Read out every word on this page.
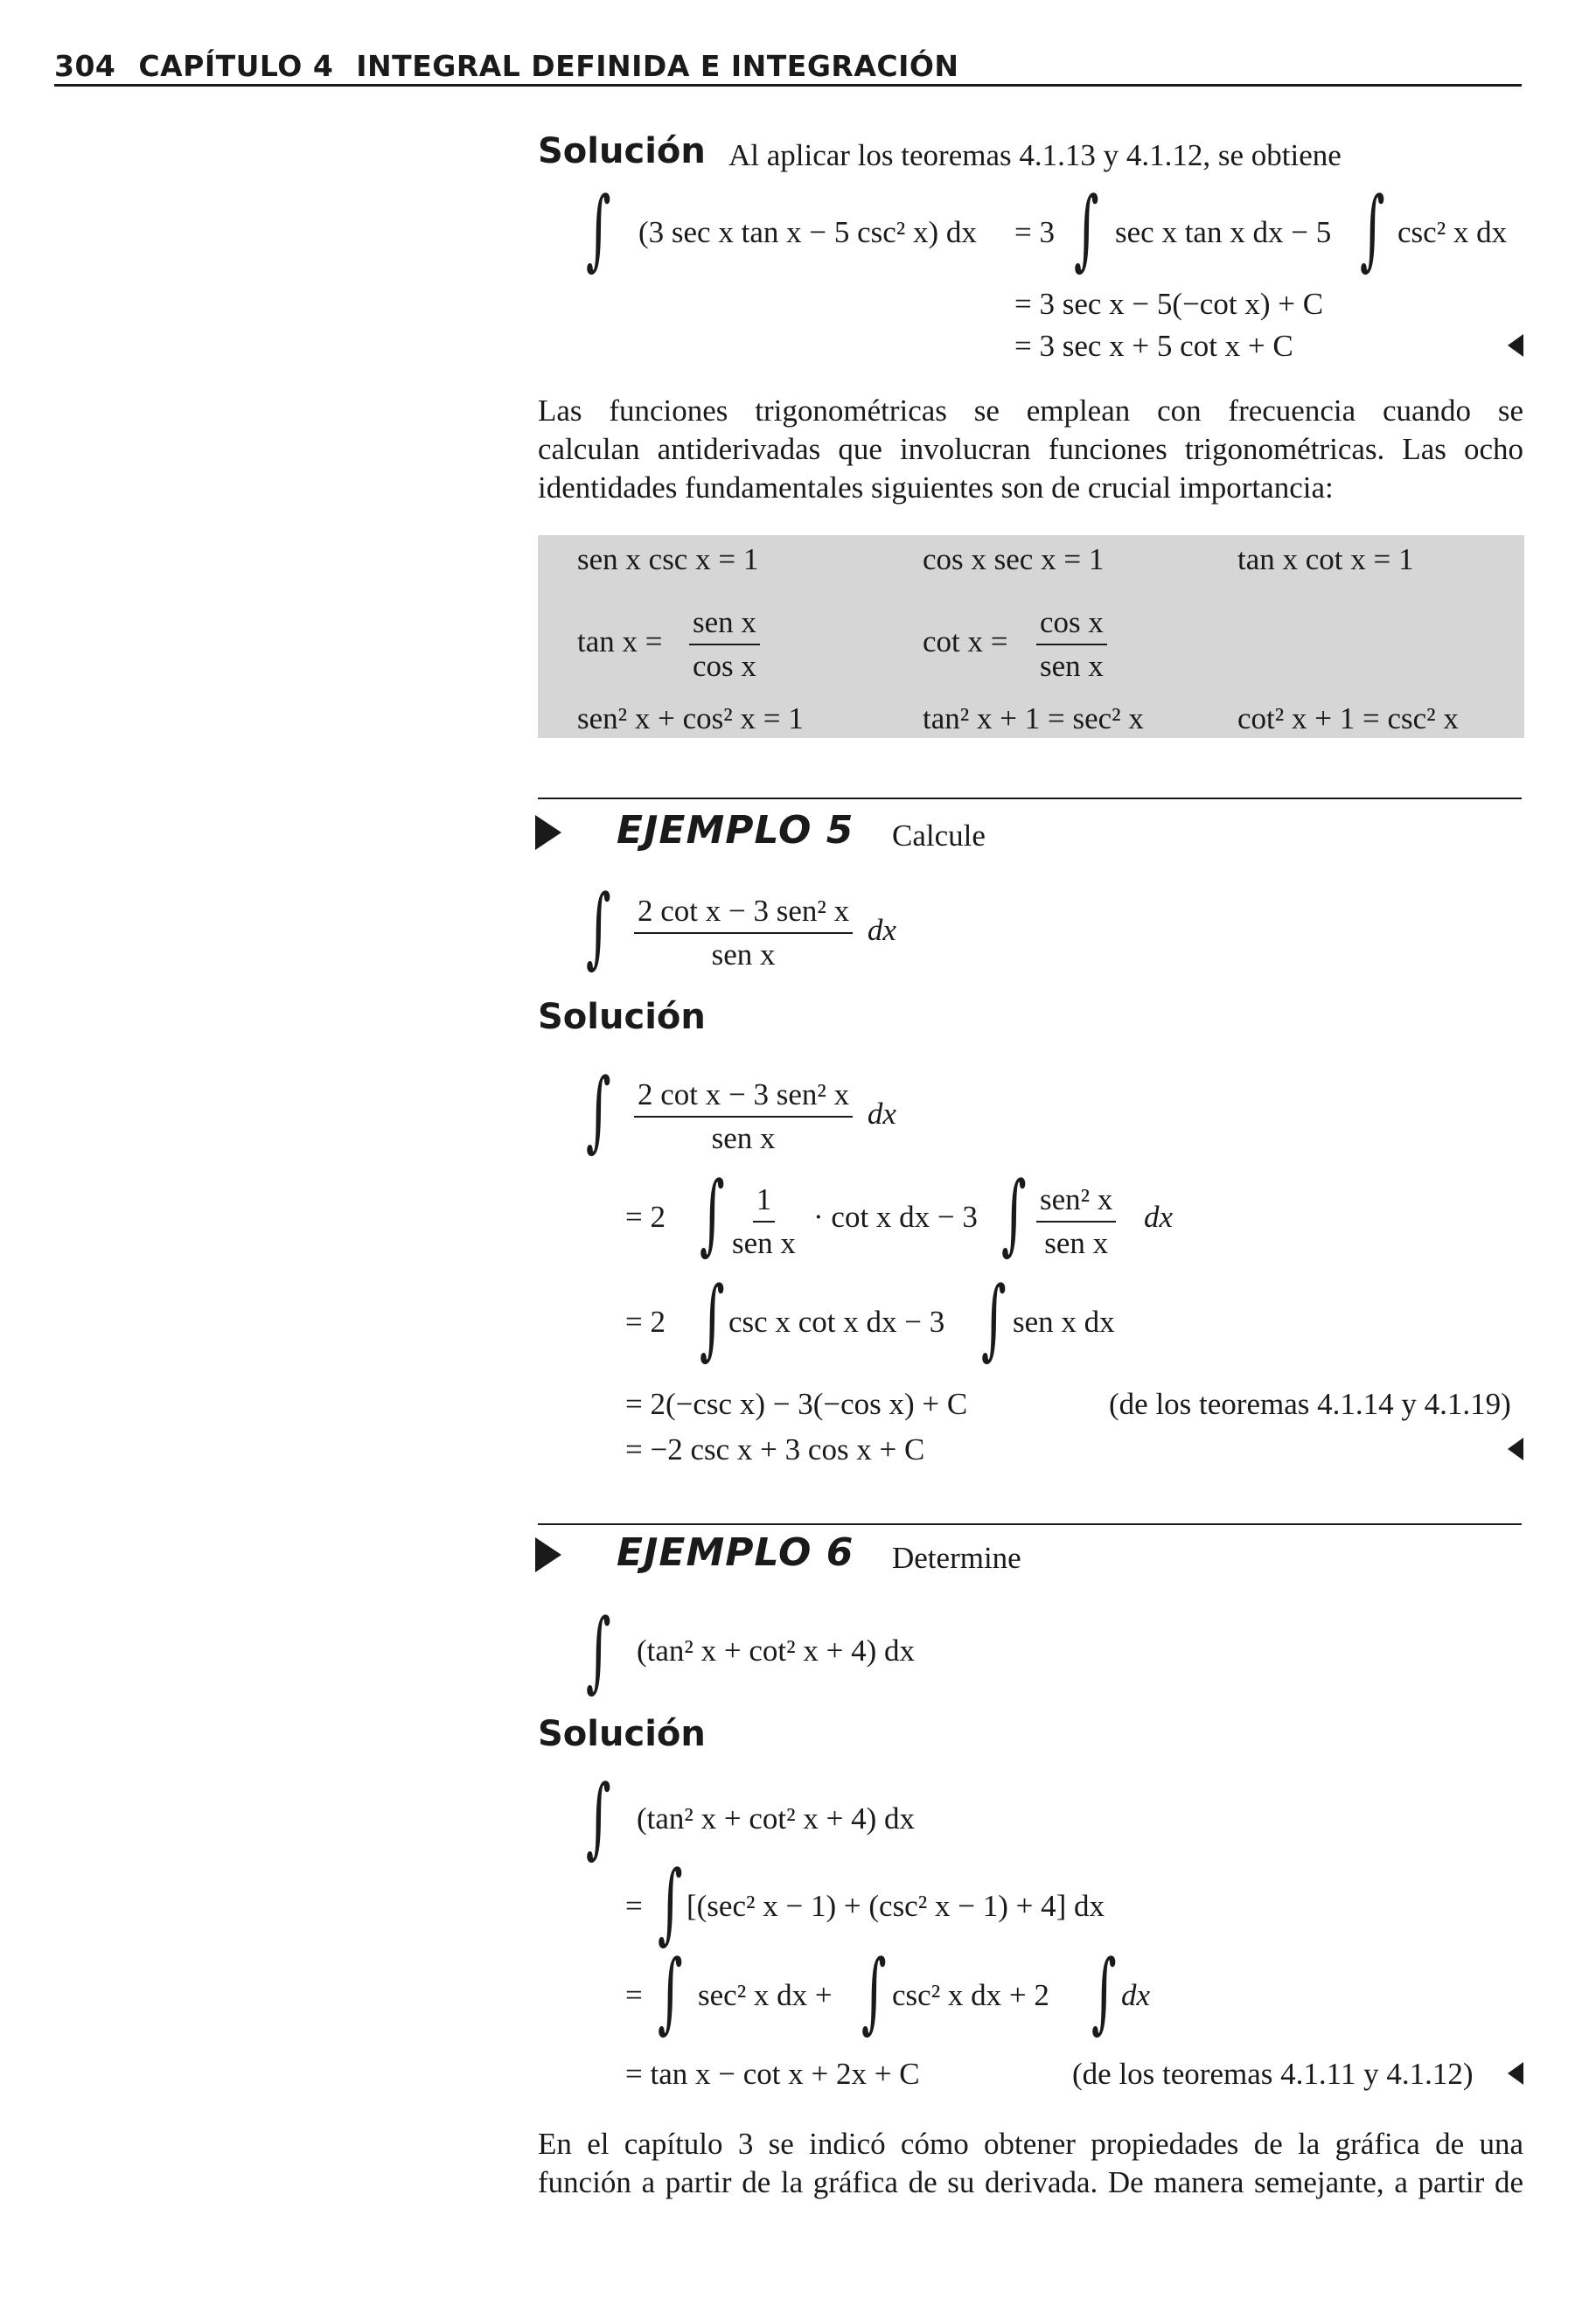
304 CAPÍTULO 4 INTEGRAL DEFINIDA E INTEGRACIÓN
Solución Al aplicar los teoremas 4.1.13 y 4.1.12, se obtiene
∫ (3 sec x tan x − 5 csc² x) dx = 3 ∫ sec x tan x dx − 5 ∫ csc² x dx
= 3 sec x − 5(−cot x) + C
= 3 sec x + 5 cot x + C
Las funciones trigonométricas se emplean con frecuencia cuando se
calculan antiderivadas que involucran funciones trigonométricas. Las ocho
identidades fundamentales siguientes son de crucial importancia:
sen x csc x = 1	cos x sec x = 1	tan x cot x = 1
$\tan x = \frac{\text{sen x}}{\text{cos x}}$	$\cot x = \frac{\text{cos x}}{\text{sen x}}$
sen² x + cos² x = 1	tan² x + 1 = sec² x	cot² x + 1 = csc² x
EJEMPLO 5 Calcule
∫ $\frac{\text{2 cot x − 3 sen² x}}{\text{sen x}}$ dx
Solución
∫ $\frac{\text{2 cot x − 3 sen² x}}{\text{sen x}}$ dx
= 2 ∫ $\frac{1}{\text{sen x}} \cdot \cot x$ dx − 3 ∫ $\frac{\text{sen² x}}{\text{sen x}}$ dx
= 2 ∫ csc x cot x dx − 3 ∫ sen x dx
= 2(−csc x) − 3(−cos x) + C	(de los teoremas 4.1.14 y 4.1.19)
= −2 csc x + 3 cos x + C
EJEMPLO 6 Determine
∫ (tan² x + cot² x + 4) dx
Solución
∫ (tan² x + cot² x + 4) dx
= ∫ [(sec² x − 1) + (csc² x − 1) + 4] dx
= ∫ sec² x dx + ∫ csc² x dx + 2 ∫ dx
= tan x − cot x + 2x + C	(de los teoremas 4.1.11 y 4.1.12)
En el capítulo 3 se indicó cómo obtener propiedades de la gráfica de una
función a partir de la gráfica de su derivada. De manera semejante, a partir de
